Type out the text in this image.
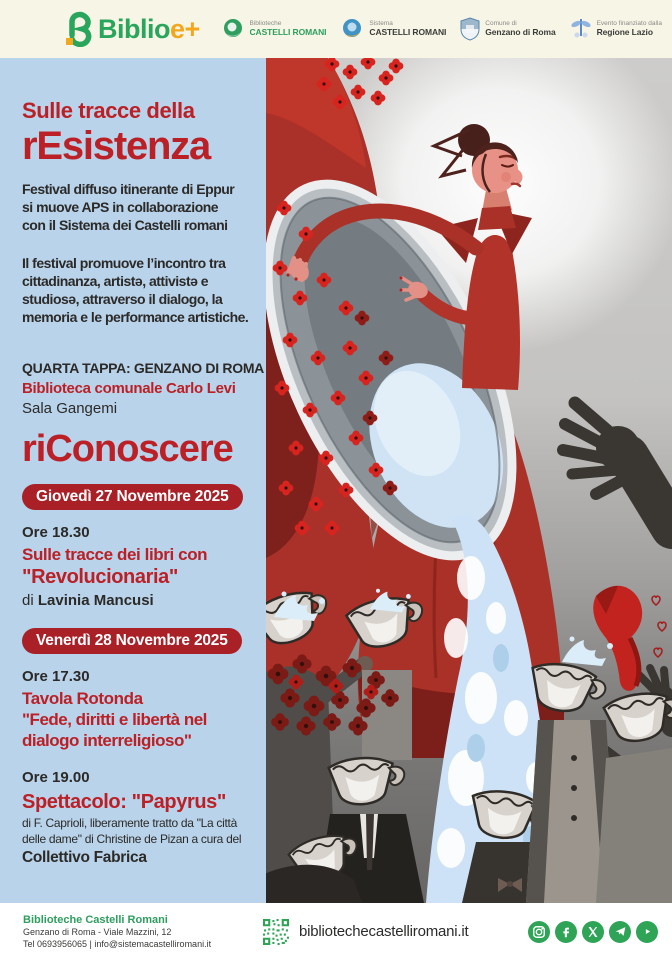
Biblioe+	Biblioteche
CASTELLI ROMANI
Sistema
CASTELLI ROMANI
Comune di
Genzano di Roma
Evento finanziato dalla
Regione Lazio
Sulle tracce della
rEsistenza
Festival diffuso itinerante di Eppur
si muove APS in collaborazione
con il Sistema dei Castelli romani
Il festival promuove l’incontro tra
cittadinanza, artistə, attivistə e
studiosə, attraverso il dialogo, la
memoria e le performance artistiche.
QUARTA TAPPA: GENZANO DI ROMA
Biblioteca comunale Carlo Levi
Sala Gangemi
riConoscere
Giovedì 27 Novembre 2025
Ore 18.30
Sulle tracce dei libri con
"Revolucionaria"
di Lavinia Mancusi
Venerdì 28 Novembre 2025
Ore 17.30
Tavola Rotonda
"Fede, diritti e libertà nel
dialogo interreligioso"
Ore 19.00
Spettacolo: "Papyrus"
di F. Caprioli, liberamente tratto da "La città
delle dame" di Christine de Pizan a cura del
Collettivo Fabrica
Biblioteche Castelli Romani
Genzano di Roma - Viale Mazzini, 12
Tel 0693956065 | info@sistemacastelliromani.it
bibliotechecastelliromani.it
